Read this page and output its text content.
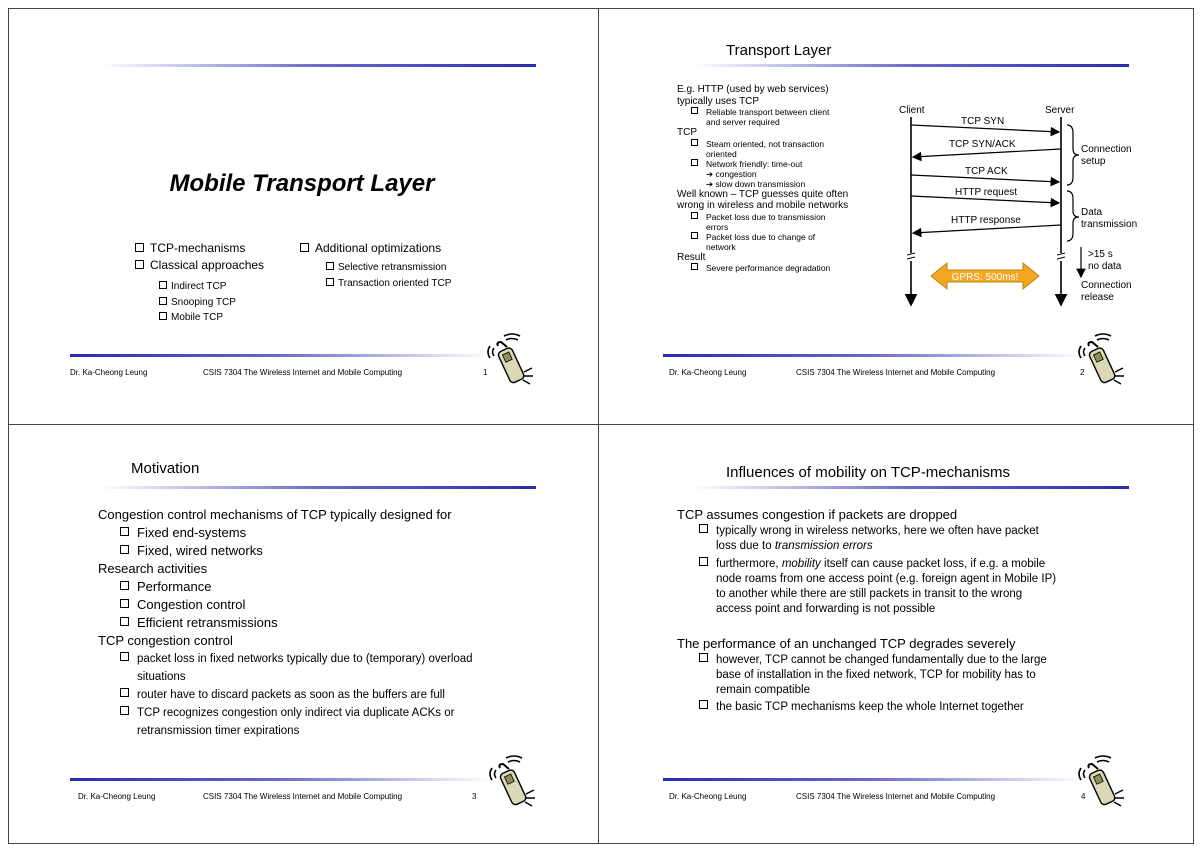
Mobile Transport Layer
TCP-mechanisms
Classical approaches
Indirect TCP
Snooping TCP
Mobile TCP
Additional optimizations
Selective retransmission
Transaction oriented TCP
Dr. Ka-Cheong Leung	CSIS 7304 The Wireless Internet and Mobile Computing	1
Transport Layer
E.g. HTTP (used by web services)
typically uses TCP
Reliable transport between client
and server required
TCP
Steam oriented, not transaction
oriented
Network friendly: time-out
➔ congestion
➔ slow down transmission
Well known – TCP guesses quite often
wrong in wireless and mobile networks
Packet loss due to transmission
errors
Packet loss due to change of
network
Result
Severe performance degradation
Client	Server
TCP SYN
TCP SYN/ACK
TCP ACK
HTTP request
HTTP response
Connection
setup
Data
transmission
>15 s
no data
Connection
release
GPRS: 500ms!
Dr. Ka-Cheong Leung	CSIS 7304 The Wireless Internet and Mobile Computing	2
Motivation
Congestion control mechanisms of TCP typically designed for
Fixed end-systems
Fixed, wired networks
Research activities
Performance
Congestion control
Efficient retransmissions
TCP congestion control
packet loss in fixed networks typically due to (temporary) overload
situations
router have to discard packets as soon as the buffers are full
TCP recognizes congestion only indirect via duplicate ACKs or
retransmission timer expirations
Dr. Ka-Cheong Leung	CSIS 7304 The Wireless Internet and Mobile Computing	3
Influences of mobility on TCP-mechanisms
TCP assumes congestion if packets are dropped
typically wrong in wireless networks, here we often have packet
loss due to transmission errors
furthermore, mobility itself can cause packet loss, if e.g. a mobile
node roams from one access point (e.g. foreign agent in Mobile IP)
to another while there are still packets in transit to the wrong
access point and forwarding is not possible
The performance of an unchanged TCP degrades severely
however, TCP cannot be changed fundamentally due to the large
base of installation in the fixed network, TCP for mobility has to
remain compatible
the basic TCP mechanisms keep the whole Internet together
Dr. Ka-Cheong Leung	CSIS 7304 The Wireless Internet and Mobile Computing	4
